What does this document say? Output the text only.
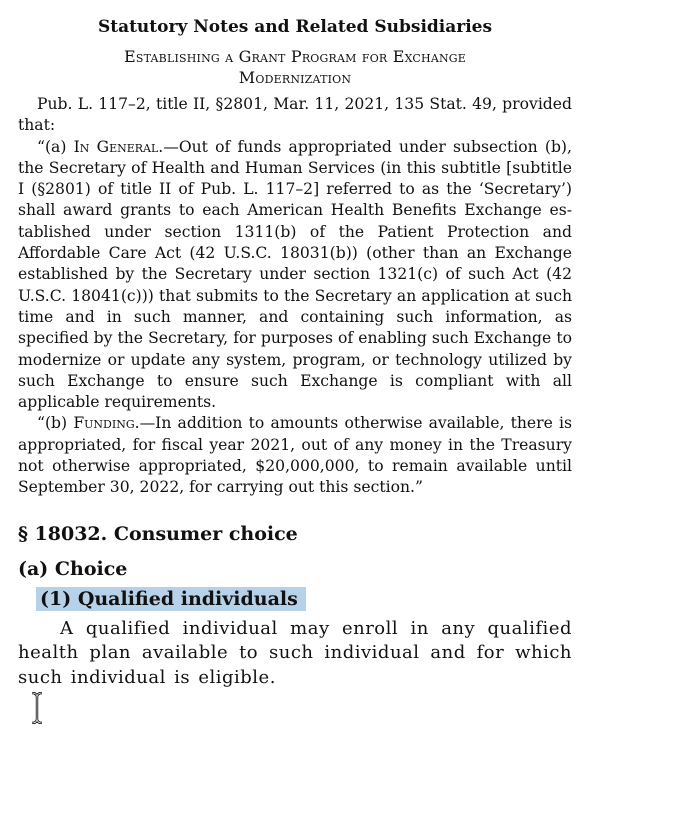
Statutory Notes and Related Subsidiaries
Establishing a Grant Program for Exchange
Modernization

Pub. L. 117–2, title II, §2801, Mar. 11, 2021, 135 Stat. 49, provided that:

“(a) In General.—Out of funds appropriated under subsection (b), the Secretary of Health and Human Services (in this subtitle [subtitle I (§2801) of title II of Pub. L. 117–2] referred to as the ‘Secretary’) shall award grants to each American Health Benefits Exchange established under section 1311(b) of the Patient Protection and Affordable Care Act (42 U.S.C. 18031(b)) (other than an Exchange established by the Secretary under section 1321(c) of such Act (42 U.S.C. 18041(c))) that submits to the Secretary an application at such time and in such manner, and containing such information, as specified by the Secretary, for purposes of enabling such Exchange to modernize or update any system, program, or technology utilized by such Exchange to ensure such Exchange is compliant with all applicable requirements.

“(b) Funding.—In addition to amounts otherwise available, there is appropriated, for fiscal year 2021, out of any money in the Treasury not otherwise appropriated, $20,000,000, to remain available until September 30, 2022, for carrying out this section.”

§ 18032. Consumer choice
(a) Choice
(1) Qualified individuals

A qualified individual may enroll in any qualified health plan available to such individual and for which such individual is eligible.
